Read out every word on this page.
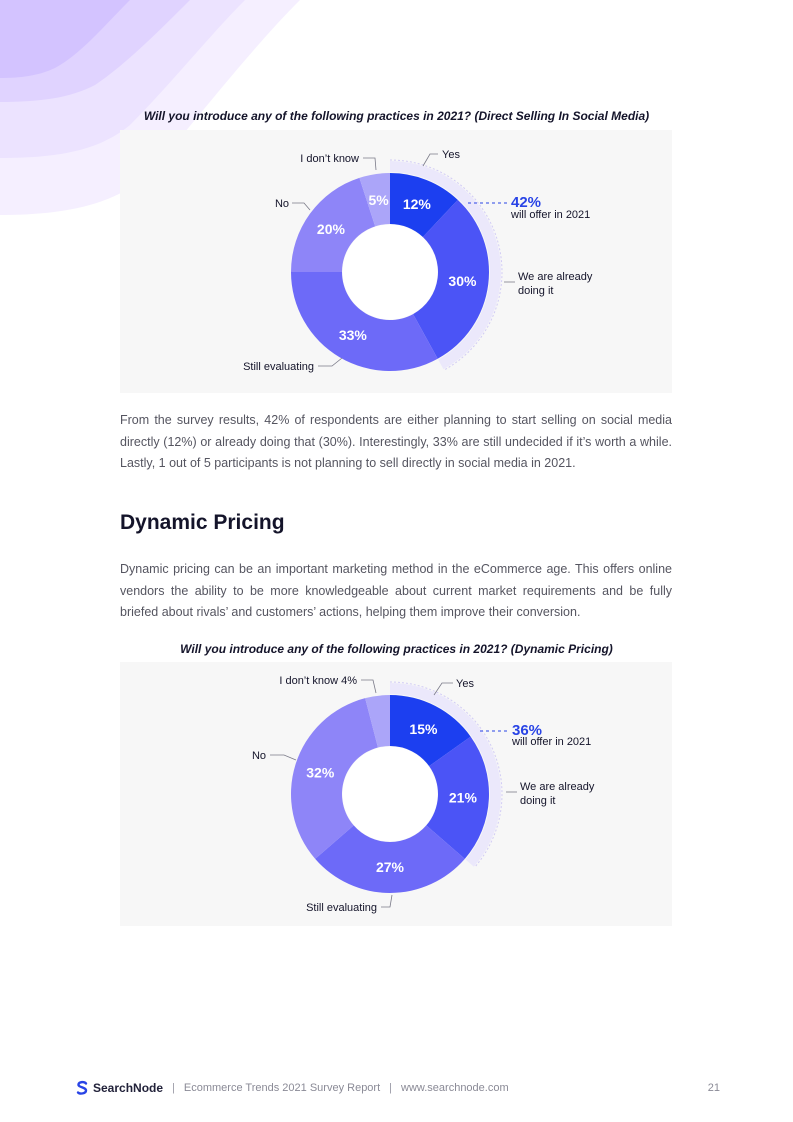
Will you introduce any of the following practices in 2021? (Direct Selling In Social Media)
12%
Yes
30%	We are already
doing it
33%
Still evaluating
20%
No	5%
I don’t know
42%
will offer in 2021

From the survey results, 42% of respondents are either planning to start selling on social media directly (12%) or already doing that (30%). Interestingly, 33% are still undecided if it’s worth a while. Lastly, 1 out of 5 participants is not planning to sell directly in social media in 2021.

Dynamic Pricing

Dynamic pricing can be an important marketing method in the eCommerce age. This offers online vendors the ability to be more knowledgeable about current market requirements and be fully briefed about rivals’ and customers’ actions, helping them improve their conversion.

Will you introduce any of the following practices in 2021? (Dynamic Pricing)
15%
Yes
21%
We are already
doing it
27%
Still evaluating
32%
No
I don’t know 4%
36%
will offer in 2021
SearchNode | Ecommerce Trends 2021 Survey Report | www.searchnode.com	21
